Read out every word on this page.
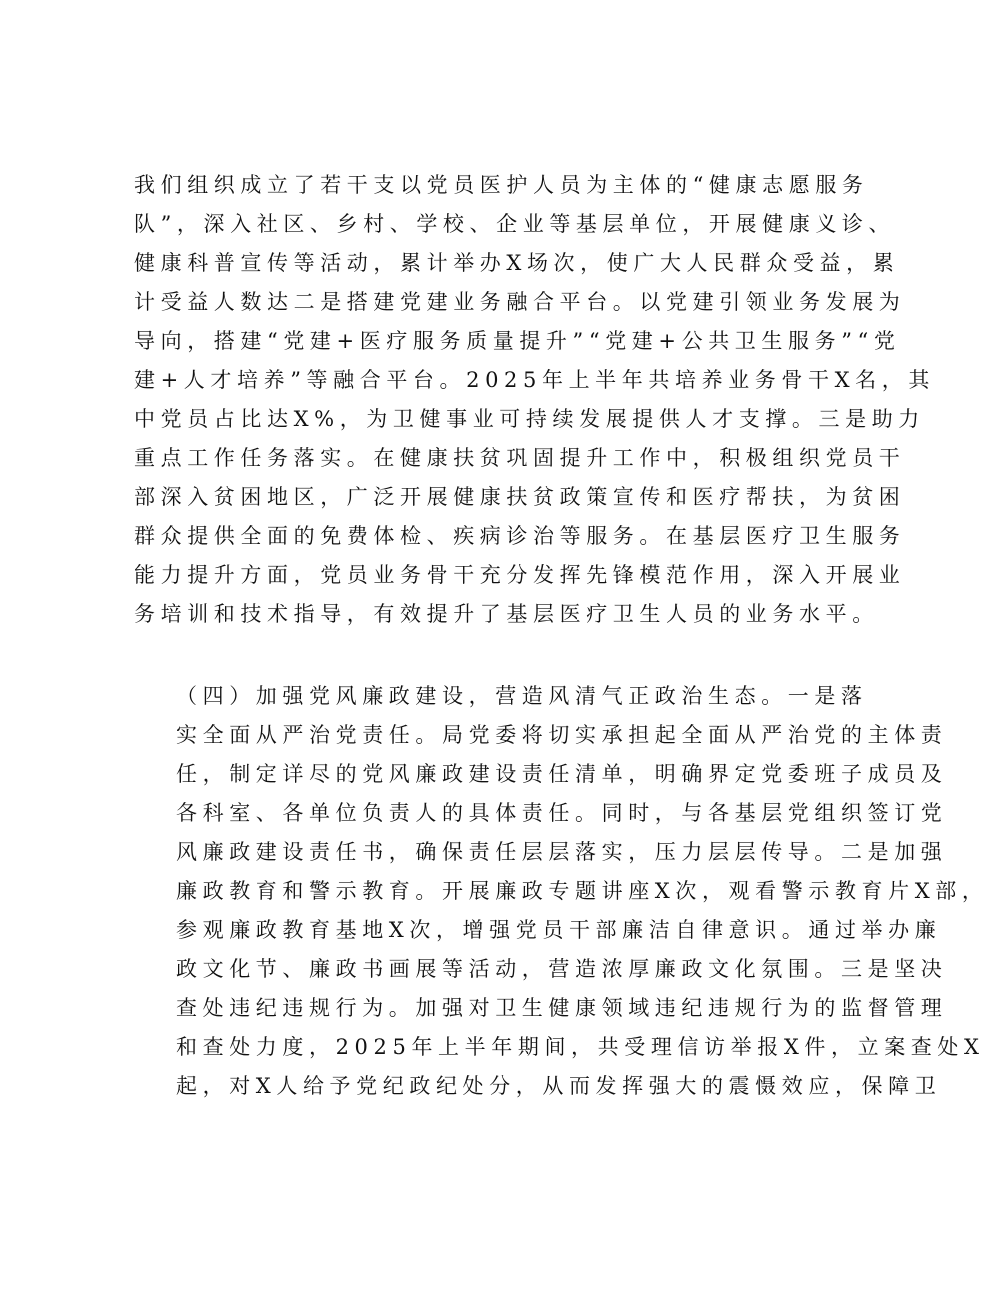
我们组织成立了若干支以党员医护人员为主体的“健康志愿服务
队”，深入社区、乡村、学校、企业等基层单位，开展健康义诊、
健康科普宣传等活动，累计举办X场次，使广大人民群众受益，累
计受益人数达二是搭建党建业务融合平台。以党建引领业务发展为
导向，搭建“党建+医疗服务质量提升”“党建+公共卫生服务”“党
建+人才培养”等融合平台。2025年上半年共培养业务骨干X名，其
中党员占比达X%，为卫健事业可持续发展提供人才支撑。三是助力
重点工作任务落实。在健康扶贫巩固提升工作中，积极组织党员干
部深入贫困地区，广泛开展健康扶贫政策宣传和医疗帮扶，为贫困
群众提供全面的免费体检、疾病诊治等服务。在基层医疗卫生服务
能力提升方面，党员业务骨干充分发挥先锋模范作用，深入开展业
务培训和技术指导，有效提升了基层医疗卫生人员的业务水平。
（四）加强党风廉政建设，营造风清气正政治生态。一是落
实全面从严治党责任。局党委将切实承担起全面从严治党的主体责
任，制定详尽的党风廉政建设责任清单，明确界定党委班子成员及
各科室、各单位负责人的具体责任。同时，与各基层党组织签订党
风廉政建设责任书，确保责任层层落实，压力层层传导。二是加强
廉政教育和警示教育。开展廉政专题讲座X次，观看警示教育片X部，
参观廉政教育基地X次，增强党员干部廉洁自律意识。通过举办廉
政文化节、廉政书画展等活动，营造浓厚廉政文化氛围。三是坚决
查处违纪违规行为。加强对卫生健康领域违纪违规行为的监督管理
和查处力度，2025年上半年期间，共受理信访举报X件，立案查处X
起，对X人给予党纪政纪处分，从而发挥强大的震慑效应，保障卫
